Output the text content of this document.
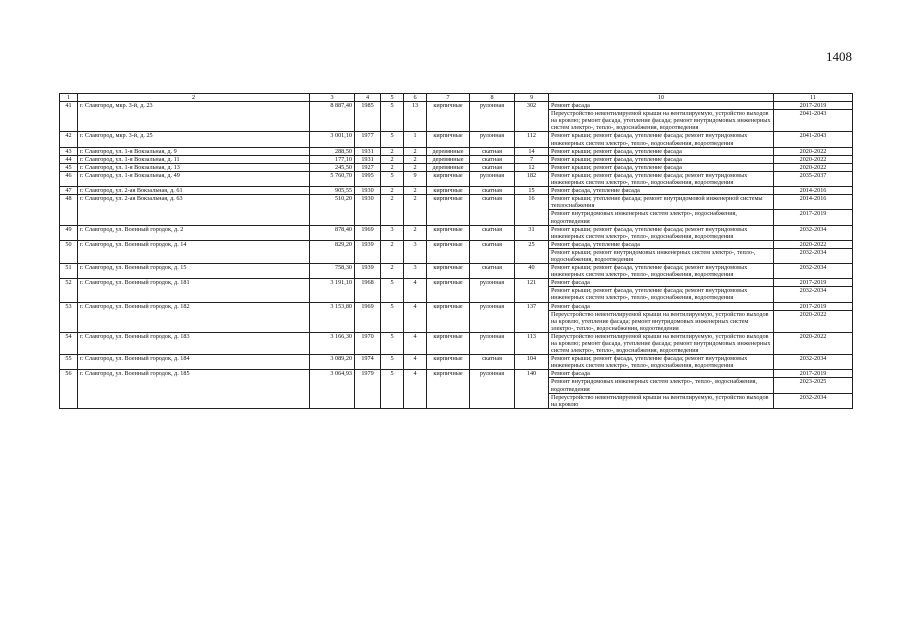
1408
1	2	3	4	5	6	7	8	9	10	11
41	г. Славгород, мкр. 3-й, д. 23	8 887,40	1985	5	13	кирпичные	рулонная	302	Ремонт фасада	2017-2019
									Переустройство невентилируемой крыши на вентилируемую, устройство выходов на кровлю; ремонт фасада, утепление фасада; ремонт внутридомовых инженерных систем электро-, тепло-, водоснабжения, водоотведения	2041-2043
42	г. Славгород, мкр. 3-й, д. 25	3 001,10	1977	5	1	кирпичные	рулонная	112	Ремонт крыши; ремонт фасада, утепление фасада; ремонт внутридомовых инженерных систем электро-, тепло-, водоснабжения, водоотведения	2041-2043
43	г. Славгород, ул. 1-я Вокзальная, д. 9	288,50	1931	2	2	деревянные	скатная	14	Ремонт крыши; ремонт фасада, утепление фасада	2020-2022
44	г. Славгород, ул. 1-я Вокзальная, д. 11	177,10	1931	2	2	деревянные	скатная	7	Ремонт крыши; ремонт фасада, утепление фасада	2020-2022
45	г. Славгород, ул. 1-я Вокзальная, д. 13	245,50	1927	2	2	деревянные	скатная	12	Ремонт крыши; ремонт фасада, утепление фасада	2020-2022
46	г. Славгород, ул. 1-я Вокзальная, д. 49	5 760,70	1995	5	9	кирпичные	рулонная	182	Ремонт крыши; ремонт фасада, утепление фасада; ремонт внутридомовых инженерных систем электро-, тепло-, водоснабжения, водоотведения	2035-2037
47	г. Славгород, ул. 2-ая Вокзальная, д. 61	905,55	1930	2	2	кирпичные	скатная	15	Ремонт фасада, утепление фасада	2014-2016
48	г. Славгород, ул. 2-ая Вокзальная, д. 63	510,20	1930	2	2	кирпичные	скатная	16	Ремонт крыши; утепление фасада; ремонт внутридомовой инженерной системы теплоснабжения	2014-2016
									Ремонт внутридомовых инженерных систем электро-, водоснабжения, водоотведения	2017-2019
49	г. Славгород, ул. Военный городок, д. 2	878,40	1969	3	2	кирпичные	скатная	31	Ремонт крыши; ремонт фасада, утепление фасада; ремонт внутридомовых инженерных систем электро-, тепло-, водоснабжения, водоотведения	2032-2034
50	г. Славгород, ул. Военный городок, д. 14	829,20	1939	2	3	кирпичные	скатная	25	Ремонт фасада, утепление фасада	2020-2022
									Ремонт крыши; ремонт внутридомовых инженерных систем электро-, тепло-, водоснабжения, водоотведения	2032-2034
51	г. Славгород, ул. Военный городок, д. 15	758,30	1939	2	3	кирпичные	скатная	40	Ремонт крыши; ремонт фасада, утепление фасада; ремонт внутридомовых инженерных систем электро-, тепло-, водоснабжения, водоотведения	2032-2034
52	г. Славгород, ул. Военный городок, д. 181	3 191,10	1968	5	4	кирпичные	рулонная	121	Ремонт фасада	2017-2019
									Ремонт крыши; ремонт фасада, утепление фасада; ремонт внутридомовых инженерных систем электро-, тепло-, водоснабжения, водоотведения	2032-2034
53	г. Славгород, ул. Военный городок, д. 182	3 153,80	1969	5	4	кирпичные	рулонная	137	Ремонт фасада	2017-2019
									Переустройство невентилируемой крыши на вентилируемую, устройство выходов на кровлю, утепление фасада; ремонт внутридомовых инженерных систем электро-, тепло-, водоснабжения, водоотведения	2020-2022
54	г. Славгород, ул. Военный городок, д. 183	3 166,30	1970	5	4	кирпичные	рулонная	113	Переустройство невентилируемой крыши на вентилируемую, устройство выходов на кровлю; ремонт фасада, утепление фасада; ремонт внутридомовых инженерных систем электро-, тепло-, водоснабжения, водоотведения	2020-2022
55	г. Славгород, ул. Военный городок, д. 184	3 089,20	1974	5	4	кирпичные	скатная	104	Ремонт крыши; ремонт фасада, утепление фасада; ремонт внутридомовых инженерных систем электро-, тепло-, водоснабжения, водоотведения	2032-2034
56	г. Славгород, ул. Военный городок, д. 185	3 064,93	1979	5	4	кирпичные	рулонная	140	Ремонт фасада	2017-2019
									Ремонт внутридомовых инженерных систем электро-, тепло-, водоснабжения, водоотведения	2023-2025
									Переустройство невентилируемой крыши на вентилируемую, устройство выходов на кровлю	2032-2034
